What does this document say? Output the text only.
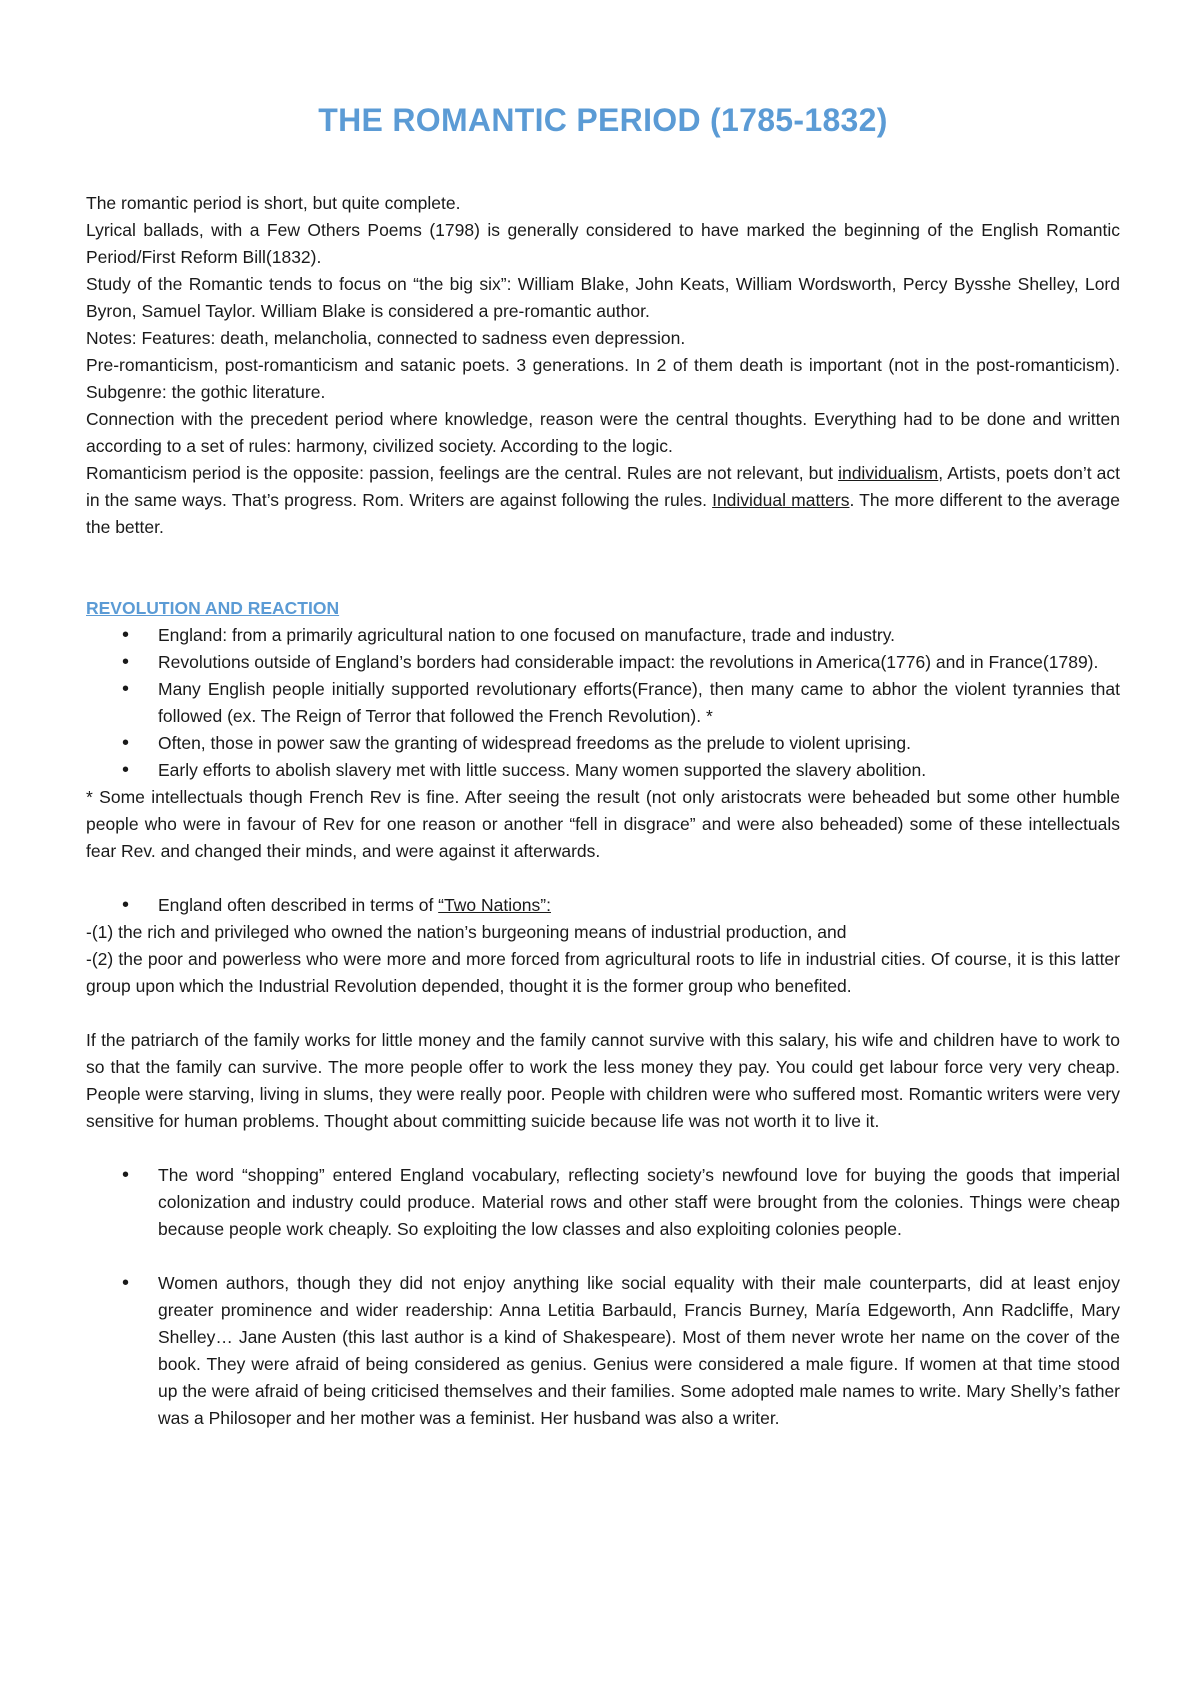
THE ROMANTIC PERIOD (1785-1832)

The romantic period is short, but quite complete.

Lyrical ballads, with a Few Others Poems (1798) is generally considered to have marked the beginning of the English Romantic Period/First Reform Bill(1832).

Study of the Romantic tends to focus on “the big six”: William Blake, John Keats, William Wordsworth, Percy Bysshe Shelley, Lord Byron, Samuel Taylor. William Blake is considered a pre-romantic author.

Notes: Features: death, melancholia, connected to sadness even depression.

Pre-romanticism, post-romanticism and satanic poets. 3 generations. In 2 of them death is important (not in the post-romanticism). Subgenre: the gothic literature.

Connection with the precedent period where knowledge, reason were the central thoughts. Everything had to be done and written according to a set of rules: harmony, civilized society. According to the logic.

Romanticism period is the opposite: passion, feelings are the central. Rules are not relevant, but individualism, Artists, poets don’t act in the same ways. That’s progress. Rom. Writers are against following the rules. Individual matters. The more different to the average the better.

REVOLUTION AND REACTION

• England: from a primarily agricultural nation to one focused on manufacture, trade and industry.
• Revolutions outside of England’s borders had considerable impact: the revolutions in America(1776) and in France(1789).
• Many English people initially supported revolutionary efforts(France), then many came to abhor the violent tyrannies that followed (ex. The Reign of Terror that followed the French Revolution). *
• Often, those in power saw the granting of widespread freedoms as the prelude to violent uprising.
• Early efforts to abolish slavery met with little success. Many women supported the slavery abolition.

* Some intellectuals though French Rev is fine. After seeing the result (not only aristocrats were beheaded but some other humble people who were in favour of Rev for one reason or another “fell in disgrace” and were also beheaded) some of these intellectuals fear Rev. and changed their minds, and were against it afterwards.

• England often described in terms of “Two Nations”:

-(1) the rich and privileged who owned the nation’s burgeoning means of industrial production, and

-(2) the poor and powerless who were more and more forced from agricultural roots to life in industrial cities. Of course, it is this latter group upon which the Industrial Revolution depended, thought it is the former group who benefited.

If the patriarch of the family works for little money and the family cannot survive with this salary, his wife and children have to work to so that the family can survive. The more people offer to work the less money they pay. You could get labour force very very cheap. People were starving, living in slums, they were really poor. People with children were who suffered most. Romantic writers were very sensitive for human problems. Thought about committing suicide because life was not worth it to live it.

• The word “shopping” entered England vocabulary, reflecting society’s newfound love for buying the goods that imperial colonization and industry could produce. Material rows and other staff were brought from the colonies. Things were cheap because people work cheaply. So exploiting the low classes and also exploiting colonies people.
• Women authors, though they did not enjoy anything like social equality with their male counterparts, did at least enjoy greater prominence and wider readership: Anna Letitia Barbauld, Francis Burney, María Edgeworth, Ann Radcliffe, Mary Shelley… Jane Austen (this last author is a kind of Shakespeare). Most of them never wrote her name on the cover of the book. They were afraid of being considered as genius. Genius were considered a male figure. If women at that time stood up the were afraid of being criticised themselves and their families. Some adopted male names to write. Mary Shelly’s father was a Philosoper and her mother was a feminist. Her husband was also a writer.
